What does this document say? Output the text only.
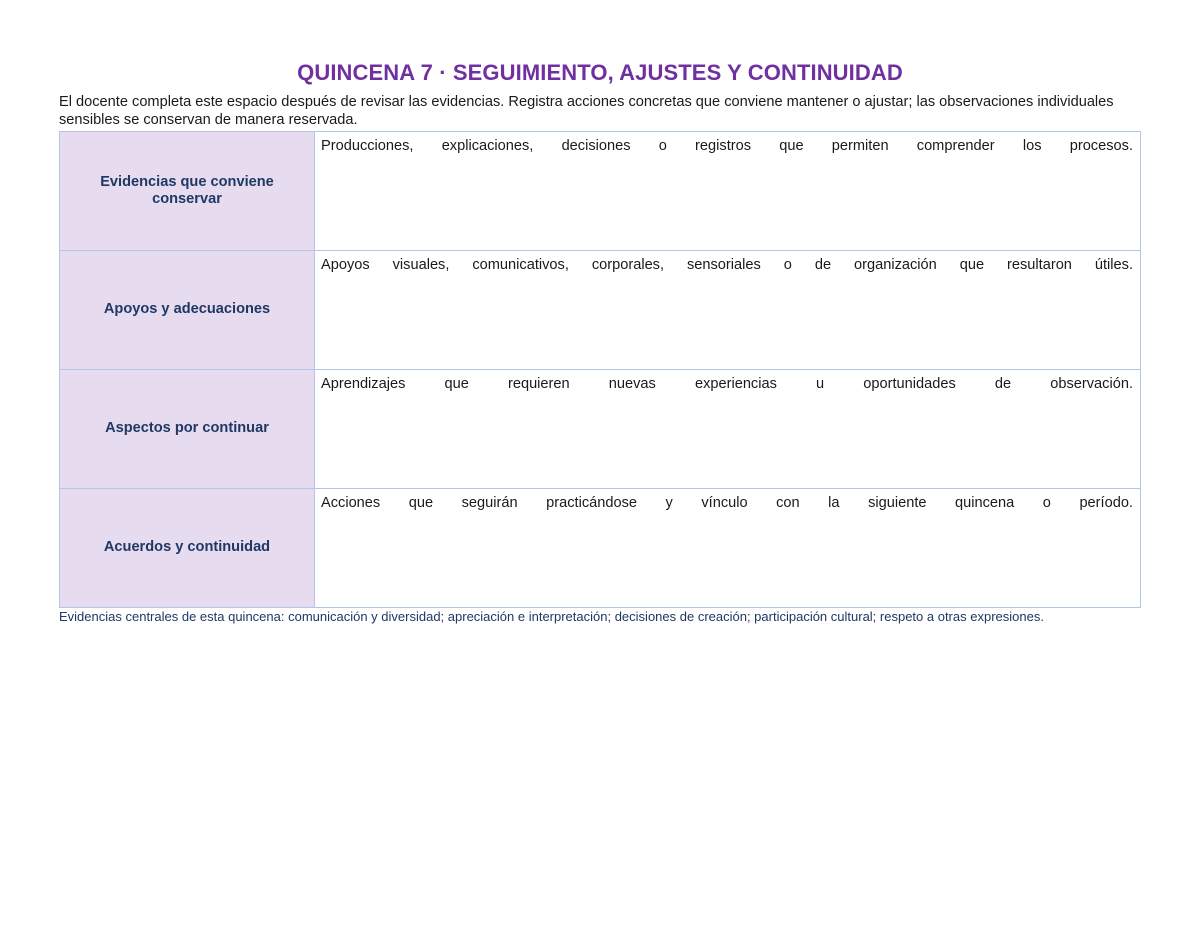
QUINCENA 7 · SEGUIMIENTO, AJUSTES Y CONTINUIDAD

El docente completa este espacio después de revisar las evidencias. Registra acciones concretas que conviene mantener o ajustar; las observaciones individuales sensibles se conservan de manera reservada.

Evidencias que conviene conservar	Producciones, explicaciones, decisiones o registros que permiten comprender los procesos.
Apoyos y adecuaciones	Apoyos visuales, comunicativos, corporales, sensoriales o de organización que resultaron útiles.
Aspectos por continuar	Aprendizajes que requieren nuevas experiencias u oportunidades de observación.
Acuerdos y continuidad	Acciones que seguirán practicándose y vínculo con la siguiente quincena o período.

Evidencias centrales de esta quincena: comunicación y diversidad; apreciación e interpretación; decisiones de creación; participación cultural; respeto a otras expresiones.
